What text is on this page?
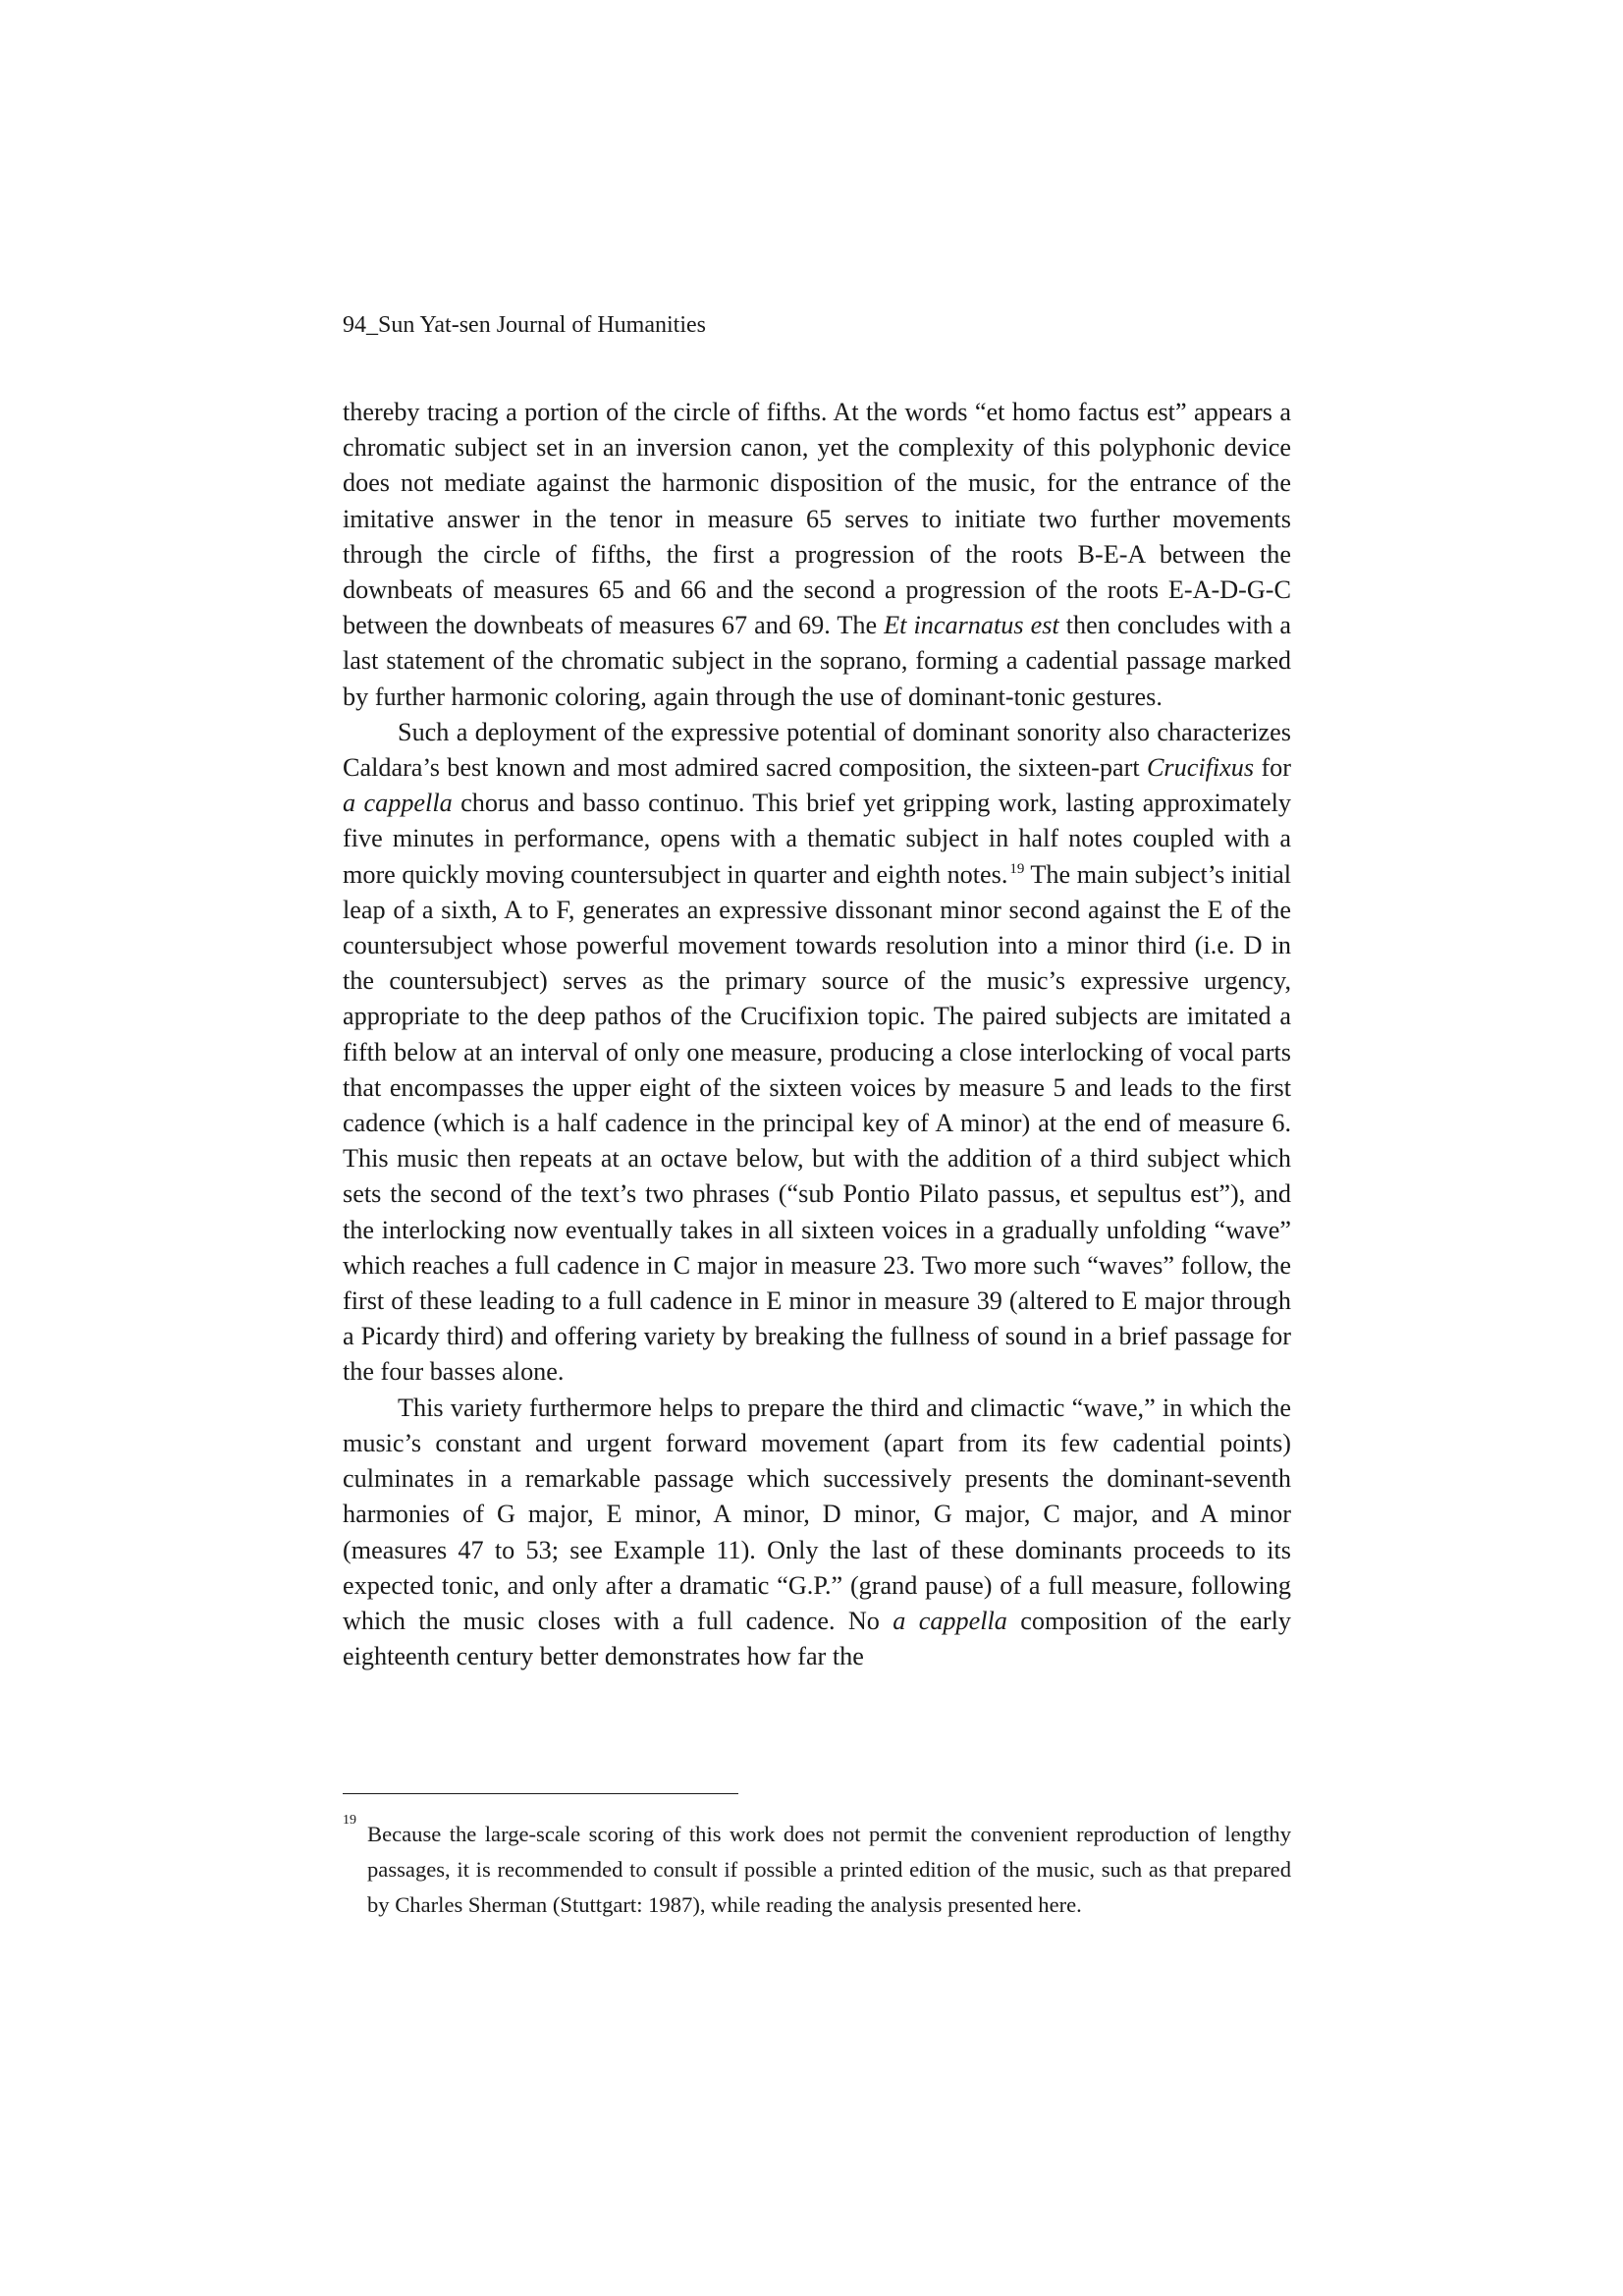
94_Sun Yat-sen Journal of Humanities

thereby tracing a portion of the circle of fifths. At the words “et homo factus est” appears a chromatic subject set in an inversion canon, yet the complexity of this polyphonic device does not mediate against the harmonic disposition of the music, for the entrance of the imitative answer in the tenor in measure 65 serves to initiate two further movements through the circle of fifths, the first a progression of the roots B-E-A between the downbeats of measures 65 and 66 and the second a progression of the roots E-A-D-G-C between the downbeats of measures 67 and 69. The Et incarnatus est then concludes with a last statement of the chromatic subject in the soprano, forming a cadential passage marked by further harmonic coloring, again through the use of dominant-tonic gestures.

Such a deployment of the expressive potential of dominant sonority also characterizes Caldara’s best known and most admired sacred composition, the sixteen-part Crucifixus for a cappella chorus and basso continuo. This brief yet gripping work, lasting approximately five minutes in performance, opens with a thematic subject in half notes coupled with a more quickly moving countersubject in quarter and eighth notes. $^{19}$ The main subject’s initial leap of a sixth, A to F, generates an expressive dissonant minor second against the E of the countersubject whose powerful movement towards resolution into a minor third (i.e. D in the countersubject) serves as the primary source of the music’s expressive urgency, appropriate to the deep pathos of the Crucifixion topic. The paired subjects are imitated a fifth below at an interval of only one measure, producing a close interlocking of vocal parts that encompasses the upper eight of the sixteen voices by measure 5 and leads to the first cadence (which is a half cadence in the principal key of A minor) at the end of measure 6. This music then repeats at an octave below, but with the addition of a third subject which sets the second of the text’s two phrases (“sub Pontio Pilato passus, et sepultus est”), and the interlocking now eventually takes in all sixteen voices in a gradually unfolding “wave” which reaches a full cadence in C major in measure 23. Two more such “waves” follow, the first of these leading to a full cadence in E minor in measure 39 (altered to E major through a Picardy third) and offering variety by breaking the fullness of sound in a brief passage for the four basses alone.

This variety furthermore helps to prepare the third and climactic “wave,” in which the music’s constant and urgent forward movement (apart from its few cadential points) culminates in a remarkable passage which successively presents the dominant-seventh harmonies of G major, E minor, A minor, D minor, G major, C major, and A minor (measures 47 to 53; see Example 11). Only the last of these dominants proceeds to its expected tonic, and only after a dramatic “G.P.” (grand pause) of a full measure, following which the music closes with a full cadence. No a cappella composition of the early eighteenth century better demonstrates how far the

19
Because the large-scale scoring of this work does not permit the convenient reproduction of lengthy passages, it is recommended to consult if possible a printed edition of the music, such as that prepared by Charles Sherman (Stuttgart: 1987), while reading the analysis presented here.
